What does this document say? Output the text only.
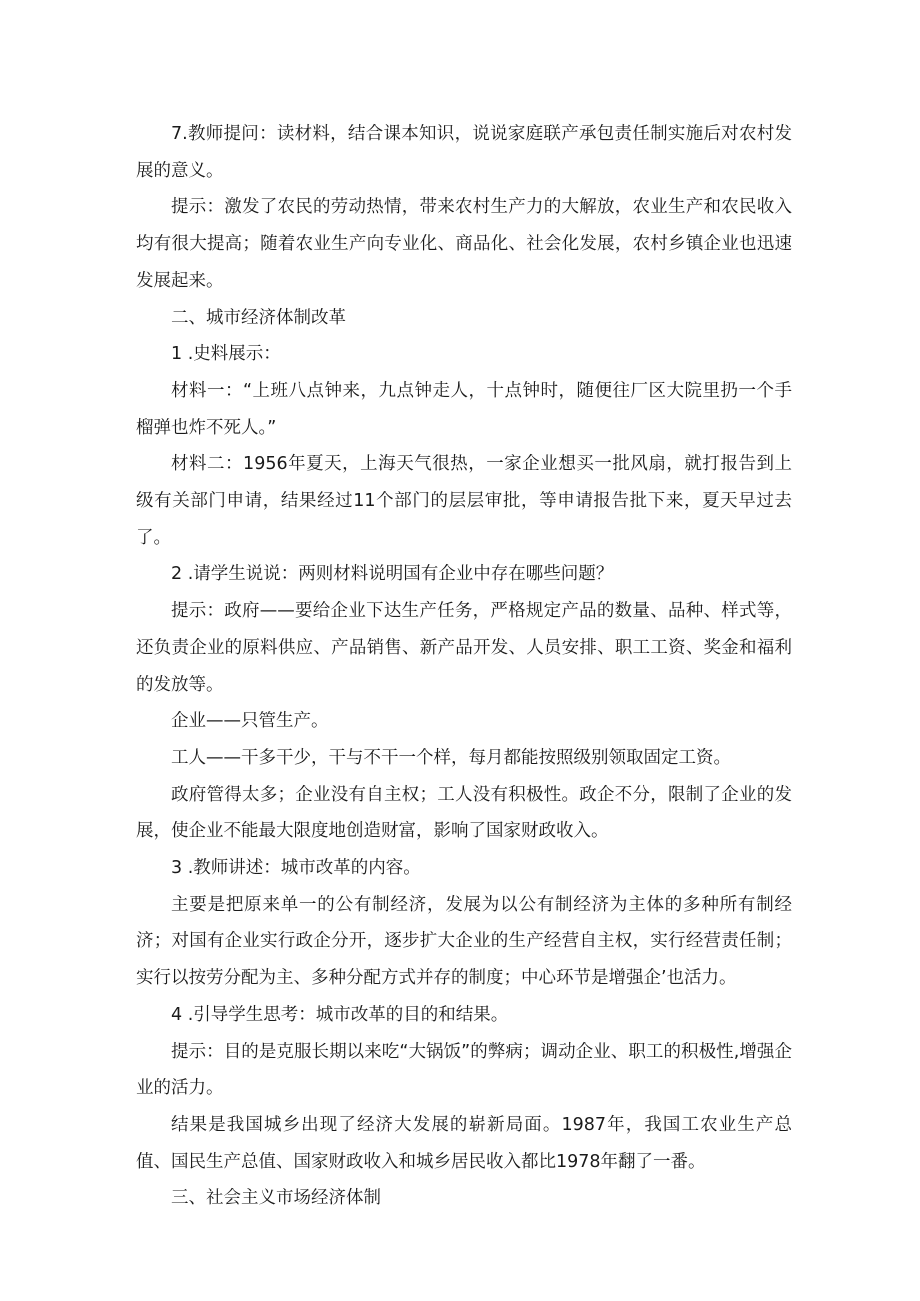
7.教师提问：读材料，结合课本知识，说说家庭联产承包责任制实施后对农村发展的意义。

提示：激发了农民的劳动热情，带来农村生产力的大解放，农业生产和农民收入均有很大提高；随着农业生产向专业化、商品化、社会化发展，农村乡镇企业也迅速发展起来。

二、城市经济体制改革

1 .史料展示：

材料一：“上班八点钟来，九点钟走人，十点钟时，随便往厂区大院里扔一个手榴弹也炸不死人。”

材料二：1956年夏天，上海天气很热，一家企业想买一批风扇，就打报告到上级有关部门申请，结果经过11个部门的层层审批，等申请报告批下来，夏天早过去了。

2 .请学生说说：两则材料说明国有企业中存在哪些问题？

提示：政府——要给企业下达生产任务，严格规定产品的数量、品种、样式等，还负责企业的原料供应、产品销售、新产品开发、人员安排、职工工资、奖金和福利的发放等。

企业——只管生产。

工人——干多干少，干与不干一个样，每月都能按照级别领取固定工资。

政府管得太多；企业没有自主权；工人没有积极性。政企不分，限制了企业的发展，使企业不能最大限度地创造财富，影响了国家财政收入。

3 .教师讲述：城市改革的内容。

主要是把原来单一的公有制经济，发展为以公有制经济为主体的多种所有制经济；对国有企业实行政企分开，逐步扩大企业的生产经营自主权，实行经营责任制；实行以按劳分配为主、多种分配方式并存的制度；中心环节是增强企’也活力。

4 .引导学生思考：城市改革的目的和结果。

提示：目的是克服长期以来吃“大锅饭”的弊病；调动企业、职工的积极性,增强企业的活力。

结果是我国城乡出现了经济大发展的崭新局面。1987年，我国工农业生产总值、国民生产总值、国家财政收入和城乡居民收入都比1978年翻了一番。

三、社会主义市场经济体制
